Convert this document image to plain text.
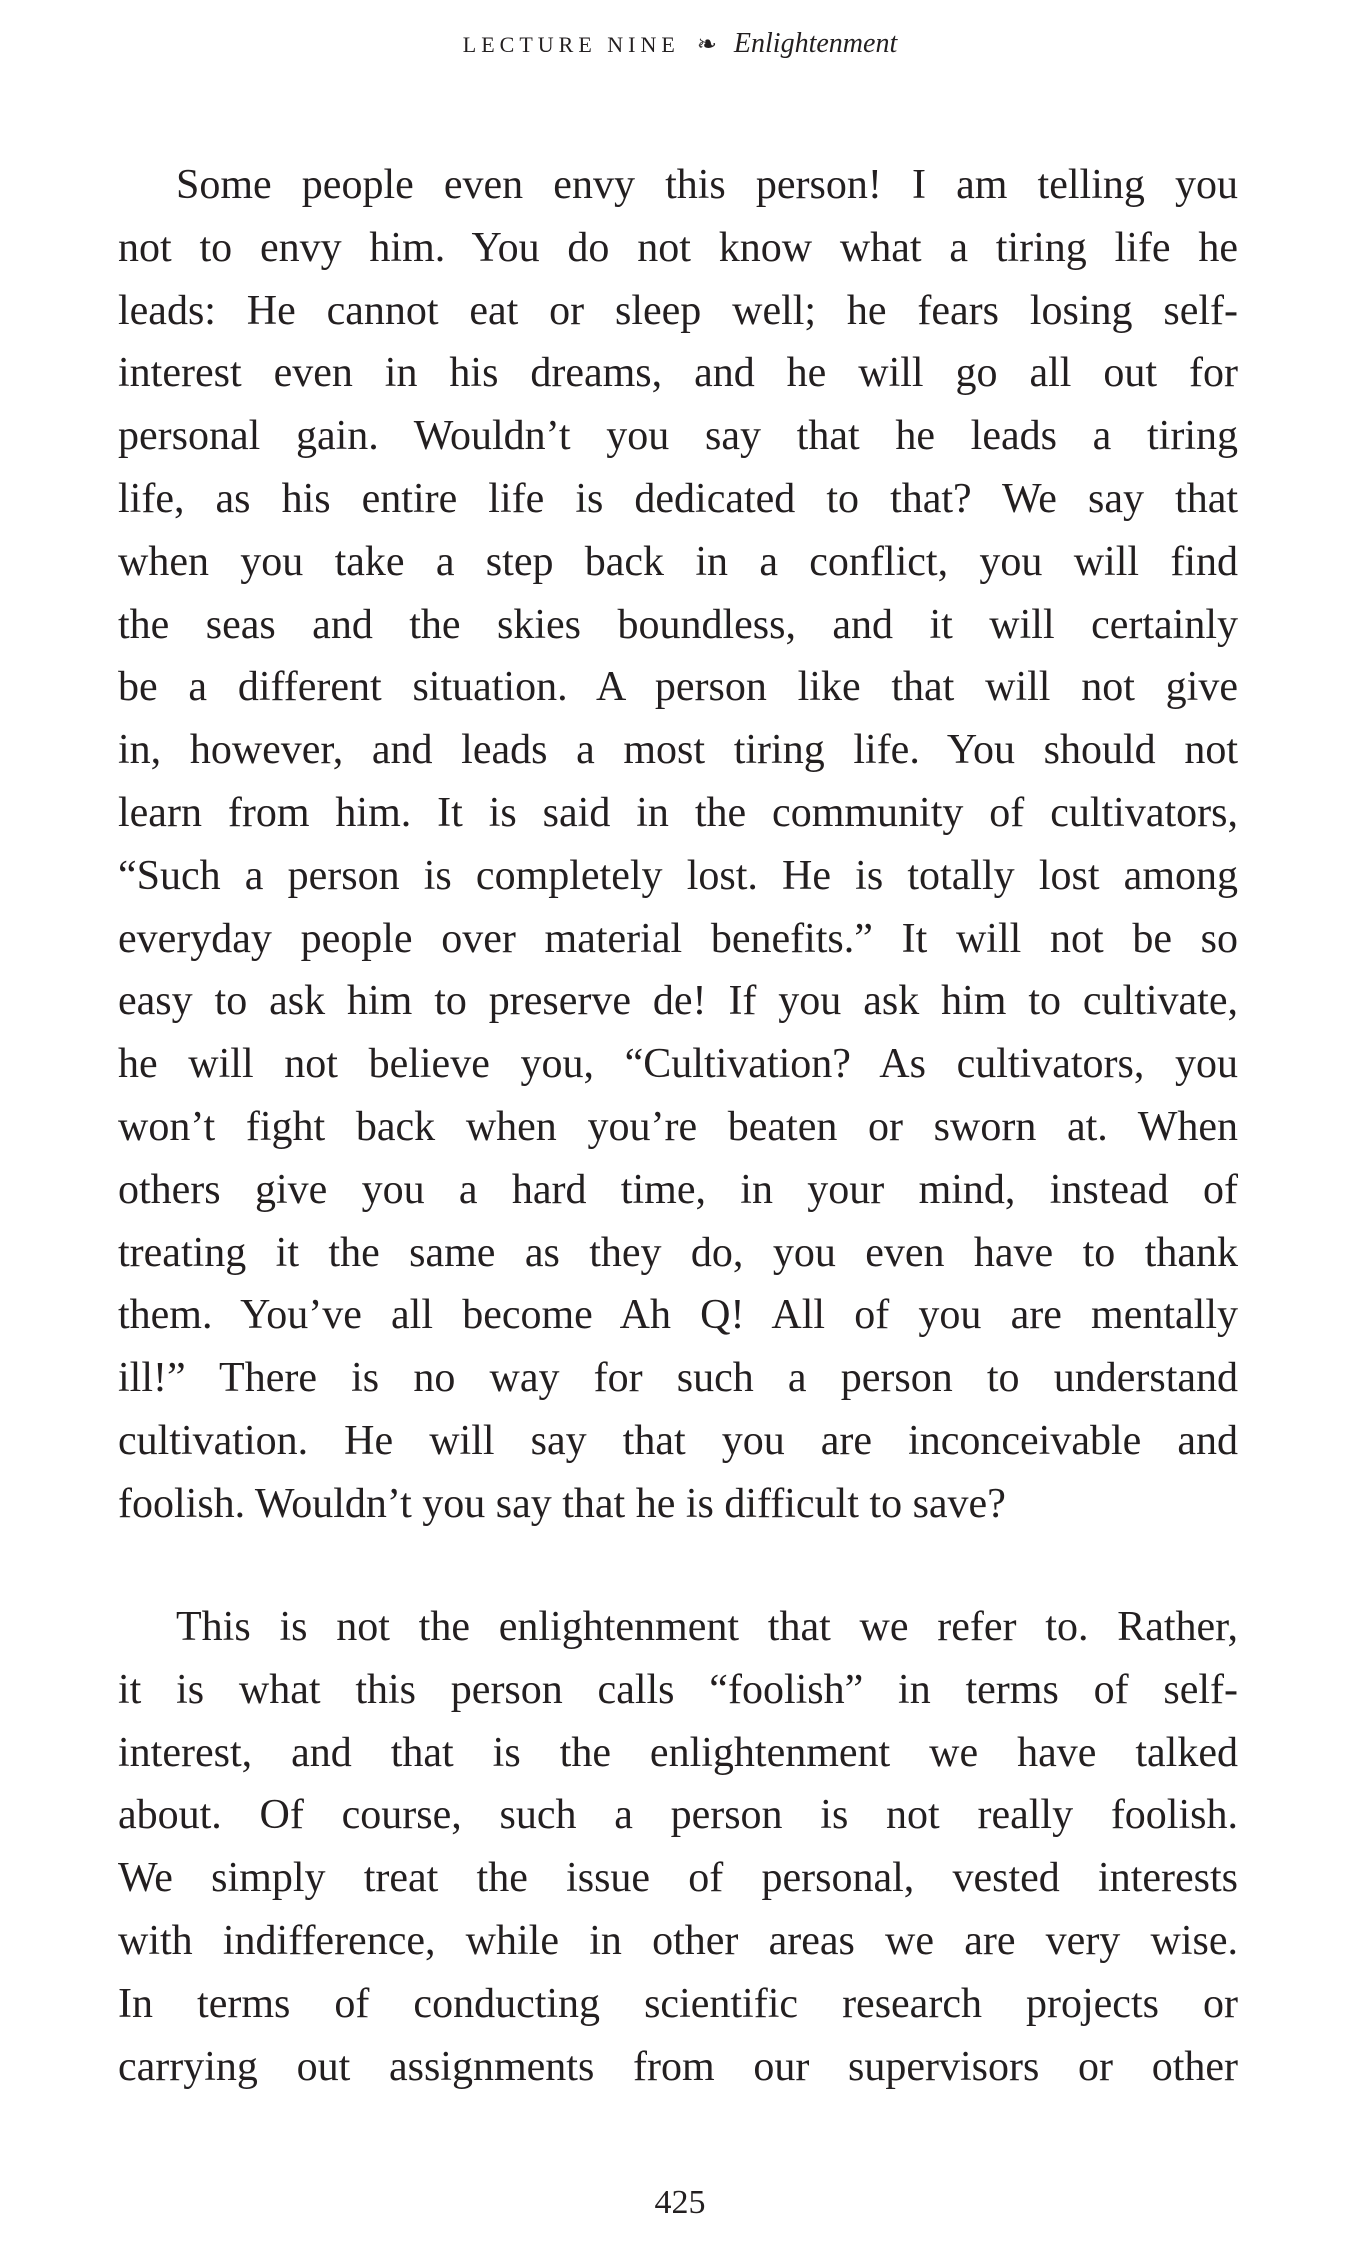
LECTURE NINE ❧ Enlightenment
Some people even envy this person! I am telling you
not to envy him. You do not know what a tiring life he
leads: He cannot eat or sleep well; he fears losing self-
interest even in his dreams, and he will go all out for
personal gain. Wouldn’t you say that he leads a tiring
life, as his entire life is dedicated to that? We say that
when you take a step back in a conflict, you will find
the seas and the skies boundless, and it will certainly
be a different situation. A person like that will not give
in, however, and leads a most tiring life. You should not
learn from him. It is said in the community of cultivators,
“Such a person is completely lost. He is totally lost among
everyday people over material benefits.” It will not be so
easy to ask him to preserve de! If you ask him to cultivate,
he will not believe you, “Cultivation? As cultivators, you
won’t fight back when you’re beaten or sworn at. When
others give you a hard time, in your mind, instead of
treating it the same as they do, you even have to thank
them. You’ve all become Ah Q! All of you are mentally
ill!” There is no way for such a person to understand
cultivation. He will say that you are inconceivable and
foolish. Wouldn’t you say that he is difficult to save?
This is not the enlightenment that we refer to. Rather,
it is what this person calls “foolish” in terms of self-
interest, and that is the enlightenment we have talked
about. Of course, such a person is not really foolish.
We simply treat the issue of personal, vested interests
with indifference, while in other areas we are very wise.
In terms of conducting scientific research projects or
carrying out assignments from our supervisors or other
425
